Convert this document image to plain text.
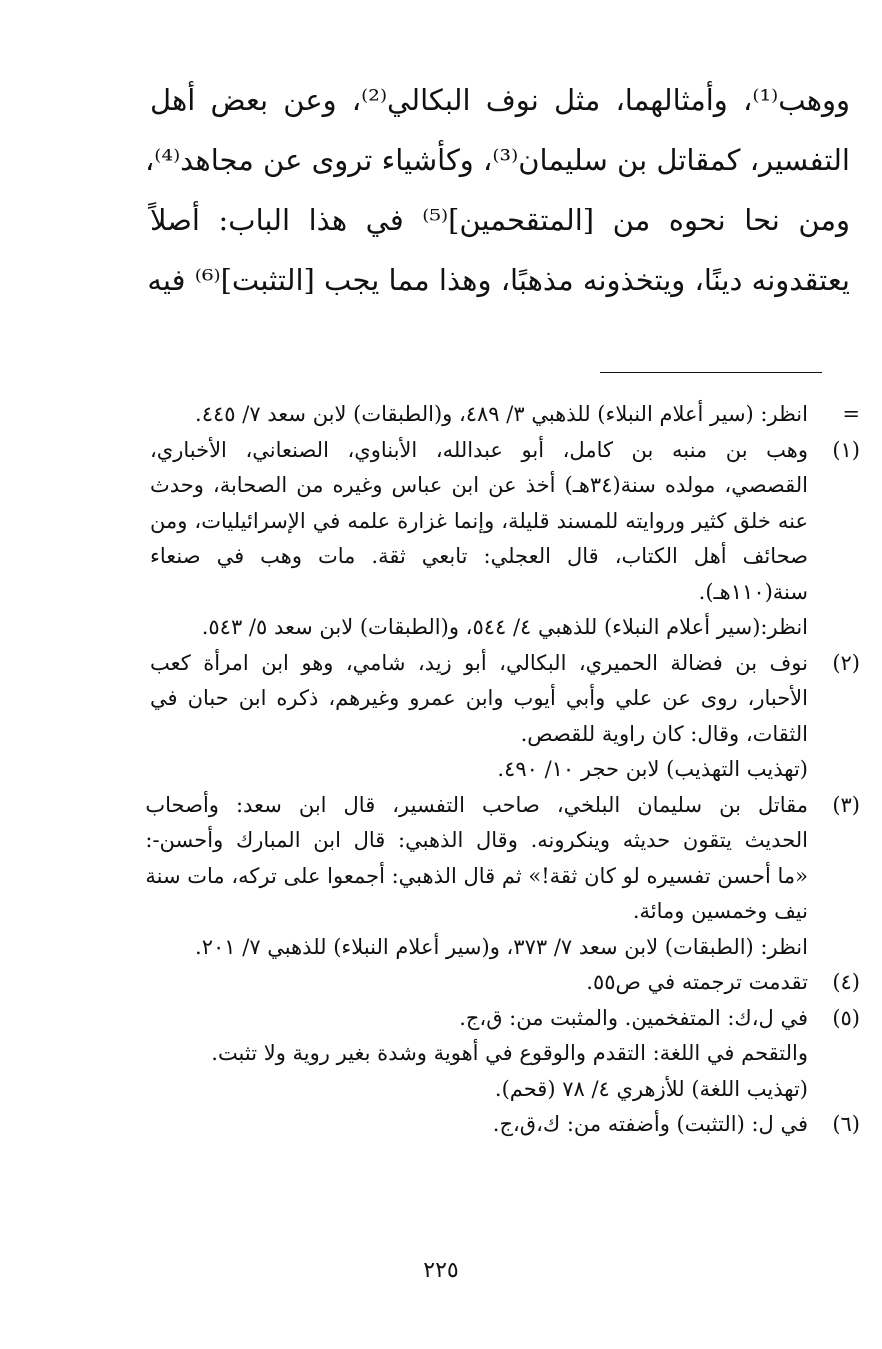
ووهب⁽¹⁾، وأمثالهما، مثل نوف البكالي⁽²⁾، وعن بعض أهل
التفسير، كمقاتل بن سليمان⁽³⁾، وكأشياء تروى عن مجاهد⁽⁴⁾،
ومن نحا نحوه من [المتقحمين]⁽⁵⁾ في هذا الباب: أصلاً
يعتقدونه دينًا، ويتخذونه مذهبًا، وهذا مما يجب [التثبت]⁽⁶⁾ فيه
=
انظر: (سير أعلام النبلاء) للذهبي ٣/ ٤٨٩، و(الطبقات) لابن سعد ٧/ ٤٤٥.
(١)
وهب بن منبه بن كامل، أبو عبدالله، الأبناوي، الصنعاني، الأخباري،
القصصي، مولده سنة(٣٤هـ) أخذ عن ابن عباس وغيره من الصحابة، وحدث
عنه خلق كثير وروايته للمسند قليلة، وإنما غزارة علمه في الإسرائيليات، ومن
صحائف أهل الكتاب، قال العجلي: تابعي ثقة. مات وهب في صنعاء
سنة(١١٠هـ).
انظر:(سير أعلام النبلاء) للذهبي ٤/ ٥٤٤، و(الطبقات) لابن سعد ٥/ ٥٤٣.
(٢)
نوف بن فضالة الحميري، البكالي، أبو زيد، شامي، وهو ابن امرأة كعب
الأحبار، روى عن علي وأبي أيوب وابن عمرو وغيرهم، ذكره ابن حبان في
الثقات، وقال: كان راوية للقصص.
(تهذيب التهذيب) لابن حجر ١٠/ ٤٩٠.
(٣)
مقاتل بن سليمان البلخي، صاحب التفسير، قال ابن سعد: وأصحاب
الحديث يتقون حديثه وينكرونه. وقال الذهبي: قال ابن المبارك وأحسن-:
«ما أحسن تفسيره لو كان ثقة!» ثم قال الذهبي: أجمعوا على تركه، مات سنة
نيف وخمسين ومائة.
انظر: (الطبقات) لابن سعد ٧/ ٣٧٣، و(سير أعلام النبلاء) للذهبي ٧/ ٢٠١.
(٤)
تقدمت ترجمته في ص٥٥.
(٥)
في ل،ك: المتفخمين. والمثبت من: ق،ج.
والتقحم في اللغة: التقدم والوقوع في أهوية وشدة بغير روية ولا تثبت.
(تهذيب اللغة) للأزهري ٤/ ٧٨ (قحم).
(٦)
في ل: (التثبت) وأضفته من: ك،ق،ج.
٢٢٥
